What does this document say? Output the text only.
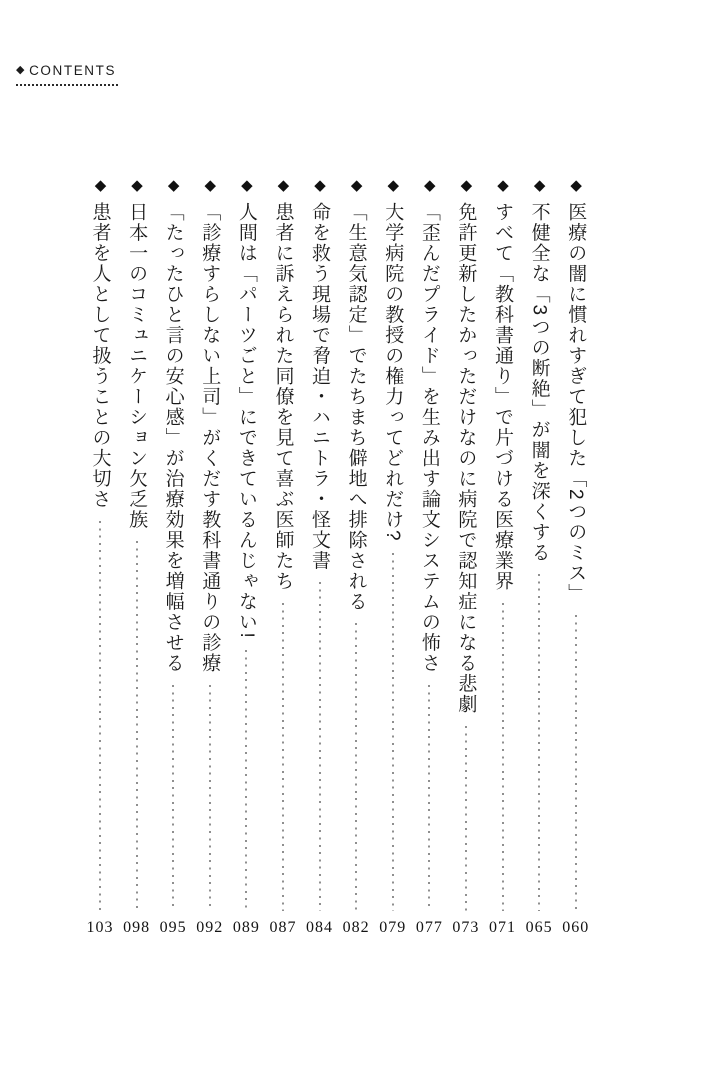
◆ CONTENTS
◆
医療の闇に慣れすぎて犯した「2つのミス」
060
◆
不健全な「3つの断絶」が闇を深くする
065
◆
すべて「教科書通り」で片づける医療業界
071
◆
免許更新したかっただけなのに病院で認知症になる悲劇
073
◆
「歪んだプライド」を生み出す論文システムの怖さ
077
◆
大学病院の教授の権力ってどれだけ?
079
◆
「生意気認定」でたちまち僻地へ排除される
082
◆
命を救う現場で脅迫・ハニトラ・怪文書
084
◆
患者に訴えられた同僚を見て喜ぶ医師たち
087
◆
人間は「パーツごと」にできているんじゃない!
089
◆
「診療すらしない上司」がくだす教科書通りの診療
092
◆
「たったひと言の安心感」が治療効果を増幅させる
095
◆
日本一のコミュニケーション欠乏族
098
◆
患者を人として扱うことの大切さ
103
